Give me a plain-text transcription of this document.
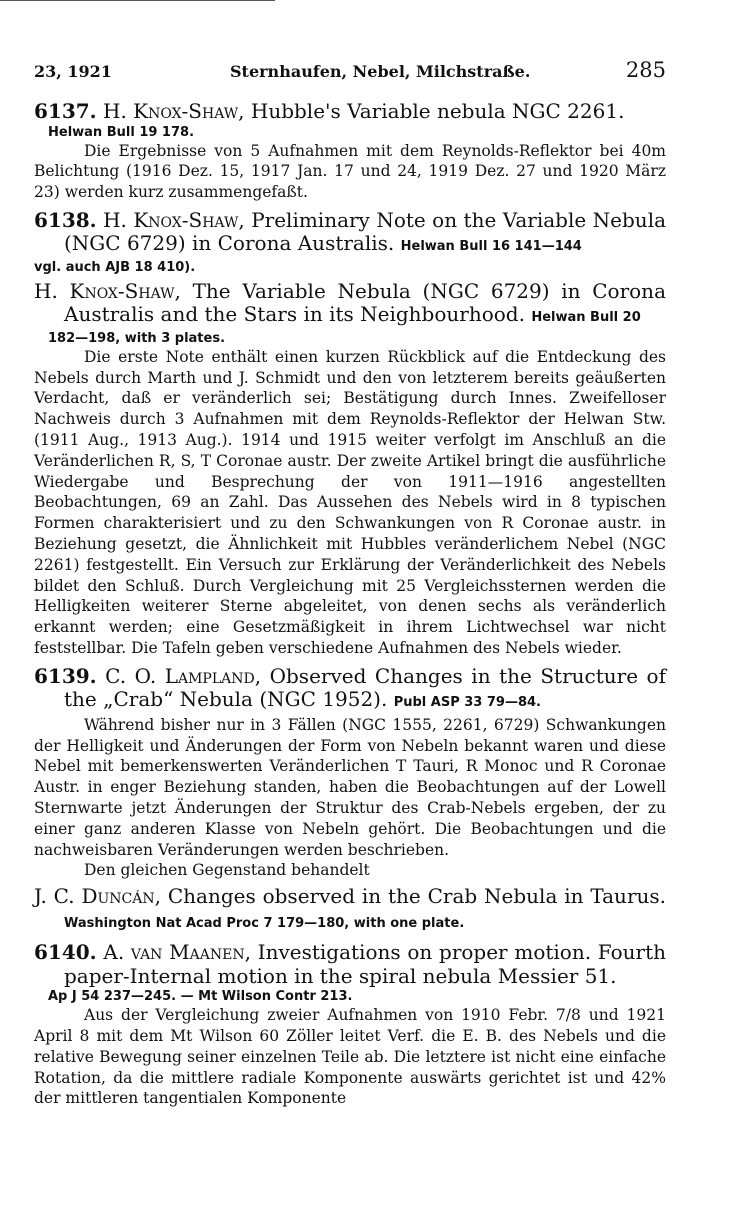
23, 1921	Sternhaufen, Nebel, Milchstraße.	285

6137. H. Knox-Shaw, Hubble's Variable nebula NGC 2261.

Helwan Bull 19 178.

Die Ergebnisse von 5 Aufnahmen mit dem Reynolds-Reflektor bei 40m Belichtung (1916 Dez. 15, 1917 Jan. 17 und 24, 1919 Dez. 27 und 1920 März 23) werden kurz zusammengefaßt.

6138. H. Knox-Shaw, Preliminary Note on the Variable Nebula (NGC 6729) in Corona Australis. Helwan Bull 16 141—144

vgl. auch AJB 18 410).

H. Knox-Shaw, The Variable Nebula (NGC 6729) in Corona Australis and the Stars in its Neighbourhood. Helwan Bull 20

182—198, with 3 plates.

Die erste Note enthält einen kurzen Rückblick auf die Entdeckung des Nebels durch Marth und J. Schmidt und den von letzterem bereits geäußerten Verdacht, daß er veränderlich sei; Bestätigung durch Innes. Zweifelloser Nachweis durch 3 Aufnahmen mit dem Reynolds-Reflektor der Helwan Stw. (1911 Aug., 1913 Aug.). 1914 und 1915 weiter verfolgt im Anschluß an die Veränderlichen R, S, T Coronae austr. Der zweite Artikel bringt die ausführliche Wiedergabe und Besprechung der von 1911—1916 angestellten Beobachtungen, 69 an Zahl. Das Aussehen des Nebels wird in 8 typischen Formen charakterisiert und zu den Schwankungen von R Coronae austr. in Beziehung gesetzt, die Ähnlichkeit mit Hubbles veränderlichem Nebel (NGC 2261) festgestellt. Ein Versuch zur Erklärung der Veränderlichkeit des Nebels bildet den Schluß. Durch Vergleichung mit 25 Vergleichssternen werden die Helligkeiten weiterer Sterne abgeleitet, von denen sechs als veränderlich erkannt werden; eine Gesetzmäßigkeit in ihrem Lichtwechsel war nicht feststellbar. Die Tafeln geben verschiedene Aufnahmen des Nebels wieder.

6139. C. O. Lampland, Observed Changes in the Structure of the „Crab“ Nebula (NGC 1952). Publ ASP 33 79—84.

Während bisher nur in 3 Fällen (NGC 1555, 2261, 6729) Schwankungen der Helligkeit und Änderungen der Form von Nebeln bekannt waren und diese Nebel mit bemerkenswerten Veränderlichen T Tauri, R Monoc und R Coronae Austr. in enger Beziehung standen, haben die Beobachtungen auf der Lowell Sternwarte jetzt Änderungen der Struktur des Crab-Nebels ergeben, der zu einer ganz anderen Klasse von Nebeln gehört. Die Beobachtungen und die nachweisbaren Veränderungen werden beschrieben.

Den gleichen Gegenstand behandelt

J. C. Duncán, Changes observed in the Crab Nebula in Taurus. Washington Nat Acad Proc 7 179—180, with one plate.

6140. A. van Maanen, Investigations on proper motion. Fourth paper-Internal motion in the spiral nebula Messier 51.

Ap J 54 237—245. — Mt Wilson Contr 213.

Aus der Vergleichung zweier Aufnahmen von 1910 Febr. 7/8 und 1921 April 8 mit dem Mt Wilson 60 Zöller leitet Verf. die E. B. des Nebels und die relative Bewegung seiner einzelnen Teile ab. Die letztere ist nicht eine einfache Rotation, da die mittlere radiale Komponente auswärts gerichtet ist und 42% der mittleren tangentialen Komponente
